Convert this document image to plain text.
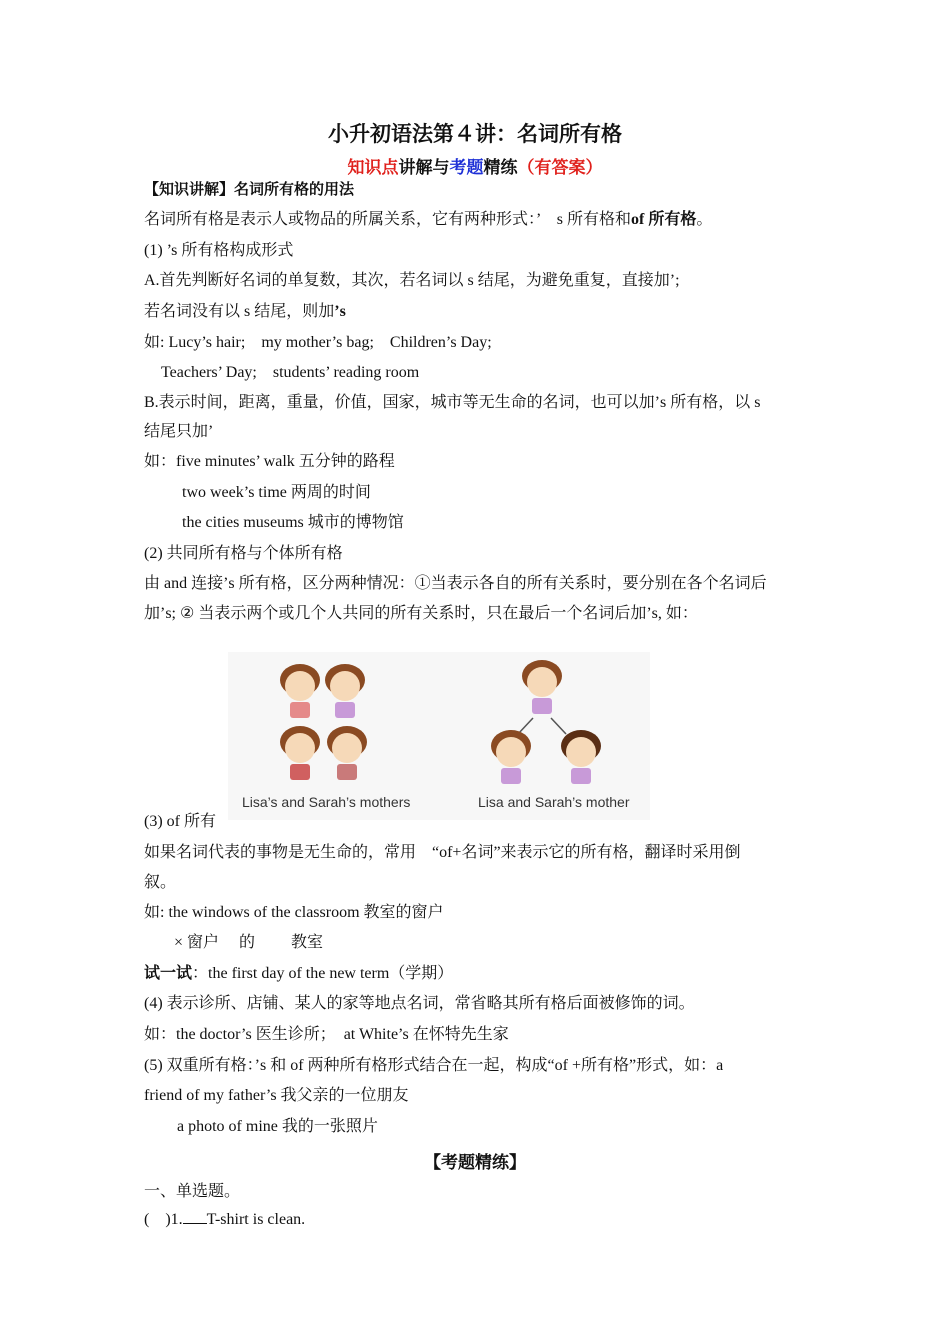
小升初语法第４讲：名词所有格
知识点讲解与考题精练（有答案）
【知识讲解】名词所有格的用法
名词所有格是表示人或物品的所属关系，它有两种形式：’　s 所有格和of 所有格。
(1) ’s 所有格构成形式
A.首先判断好名词的单复数，其次，若名词以 s 结尾，为避免重复，直接加’;
若名词没有以 s 结尾，则加’s
如: Lucy’s hair;　my mother’s bag;　Children’s Day;
Teachers’ Day;　students’ reading room
B.表示时间，距离，重量，价值，国家，城市等无生命的名词，也可以加’s 所有格，以 s
结尾只加’
如：five minutes’ walk 五分钟的路程
two week’s time 两周的时间
the cities museums 城市的博物馆
(2) 共同所有格与个体所有格
由 and 连接’s 所有格，区分两种情况：①当表示各自的所有关系时，要分别在各个名词后
加’s; ② 当表示两个或几个人共同的所有关系时，只在最后一个名词后加’s, 如：
Lisa’s and Sarah’s mothers	Lisa and Sarah’s mother
(3) of 所有
如果名词代表的事物是无生命的，常用　“of+名词”来表示它的所有格，翻译时采用倒
叙。
如: the windows of the classroom 教室的窗户
× 窗户　 的　　 教室
试一试：the first day of the new term（学期）
(4) 表示诊所、店铺、某人的家等地点名词，常省略其所有格后面被修饰的词。
如：the doctor’s 医生诊所；　at White’s 在怀特先生家
(5) 双重所有格：’s 和 of 两种所有格形式结合在一起，构成“of +所有格”形式，如：a
friend of my father’s 我父亲的一位朋友
a photo of mine 我的一张照片
【考题精练】
一、单选题。
(　)1. T-shirt is clean.
